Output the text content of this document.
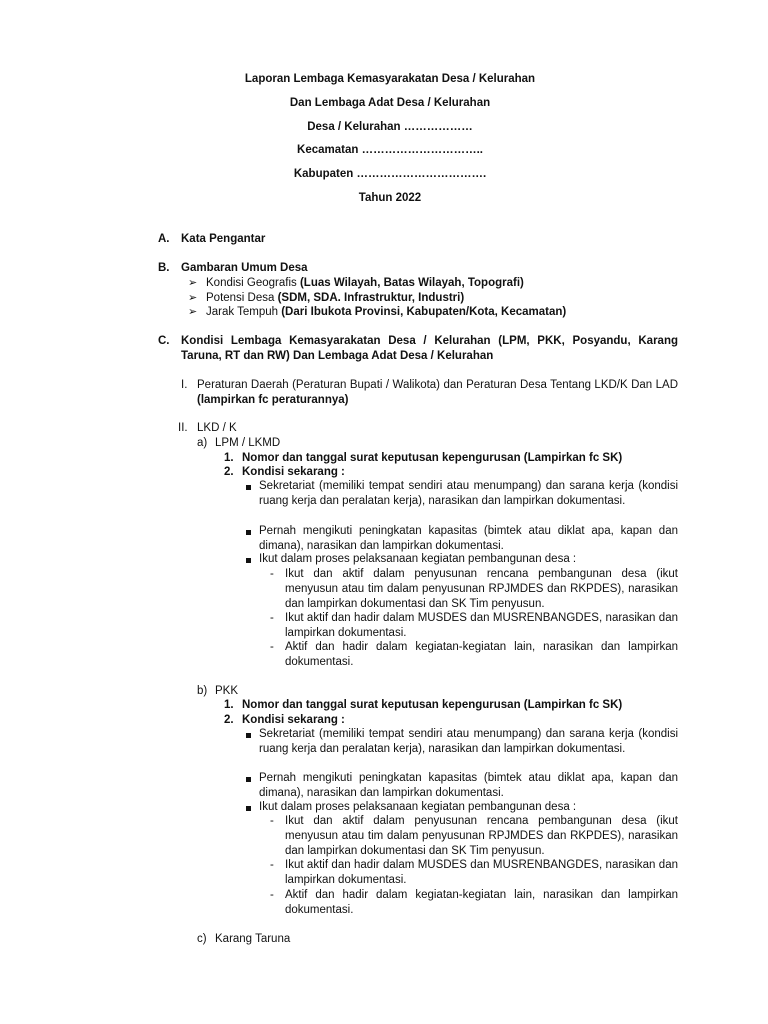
Laporan Lembaga Kemasyarakatan Desa / Kelurahan
Dan Lembaga Adat Desa / Kelurahan
Desa / Kelurahan ………………
Kecamatan …………………………..
Kabupaten …………………………….
Tahun 2022
A. Kata Pengantar
B. Gambaran Umum Desa
➢ Kondisi Geografis (Luas Wilayah, Batas Wilayah, Topografi)
➢ Potensi Desa (SDM, SDA. Infrastruktur, Industri)
➢ Jarak Tempuh (Dari Ibukota Provinsi, Kabupaten/Kota, Kecamatan)
C. Kondisi Lembaga Kemasyarakatan Desa / Kelurahan (LPM, PKK, Posyandu, Karang Taruna, RT dan RW) Dan Lembaga Adat Desa / Kelurahan
I. Peraturan Daerah (Peraturan Bupati / Walikota) dan Peraturan Desa Tentang LKD/K Dan LAD (lampirkan fc peraturannya)
II. LKD / K
a) LPM / LKMD
1. Nomor dan tanggal surat keputusan kepengurusan (Lampirkan fc SK)
2. Kondisi sekarang :
Sekretariat (memiliki tempat sendiri atau menumpang) dan sarana kerja (kondisi ruang kerja dan peralatan kerja), narasikan dan lampirkan dokumentasi.
Pernah mengikuti peningkatan kapasitas (bimtek atau diklat apa, kapan dan dimana), narasikan dan lampirkan dokumentasi.
Ikut dalam proses pelaksanaan kegiatan pembangunan desa :
- Ikut dan aktif dalam penyusunan rencana pembangunan desa (ikut menyusun atau tim dalam penyusunan RPJMDES dan RKPDES), narasikan dan lampirkan dokumentasi dan SK Tim penyusun.
- Ikut aktif dan hadir dalam MUSDES dan MUSRENBANGDES, narasikan dan lampirkan dokumentasi.
- Aktif dan hadir dalam kegiatan-kegiatan lain, narasikan dan lampirkan dokumentasi.
b) PKK
1. Nomor dan tanggal surat keputusan kepengurusan (Lampirkan fc SK)
2. Kondisi sekarang :
Sekretariat (memiliki tempat sendiri atau menumpang) dan sarana kerja (kondisi ruang kerja dan peralatan kerja), narasikan dan lampirkan dokumentasi.
Pernah mengikuti peningkatan kapasitas (bimtek atau diklat apa, kapan dan dimana), narasikan dan lampirkan dokumentasi.
Ikut dalam proses pelaksanaan kegiatan pembangunan desa :
- Ikut dan aktif dalam penyusunan rencana pembangunan desa (ikut menyusun atau tim dalam penyusunan RPJMDES dan RKPDES), narasikan dan lampirkan dokumentasi dan SK Tim penyusun.
- Ikut aktif dan hadir dalam MUSDES dan MUSRENBANGDES, narasikan dan lampirkan dokumentasi.
- Aktif dan hadir dalam kegiatan-kegiatan lain, narasikan dan lampirkan dokumentasi.
c) Karang Taruna
